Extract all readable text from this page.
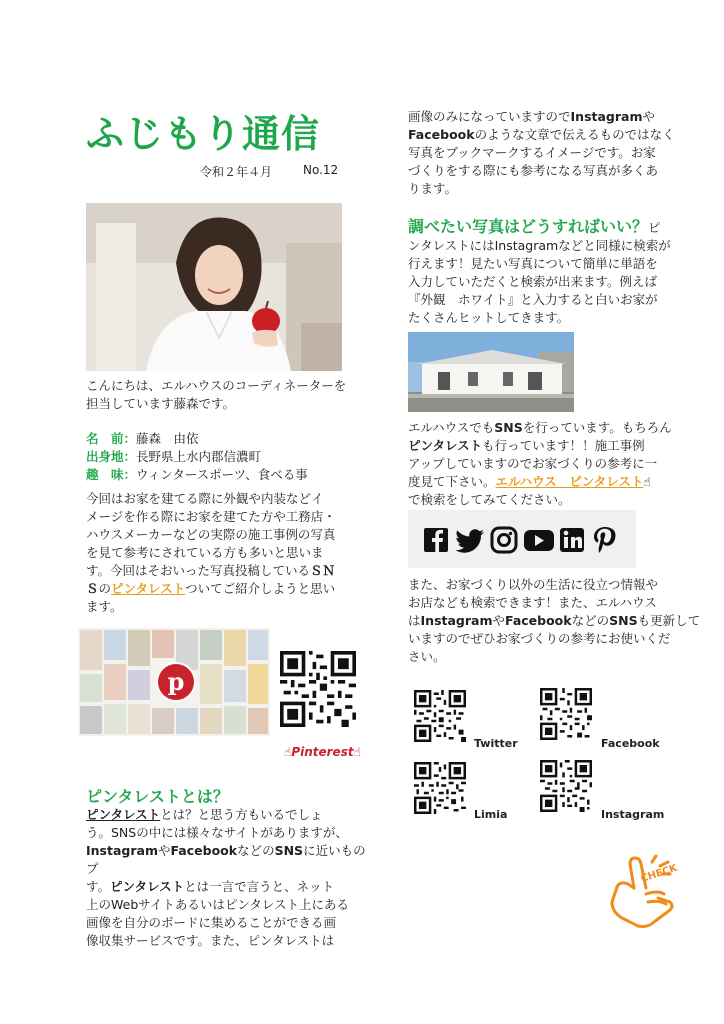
ふじもり通信
令和２年４月	No.12
こんにちは、エルハウスのコーディネーターを
担当しています藤森です。
名　前：藤森　由依
出身地：長野県上水内郡信濃町
趣　味：ウィンタースポーツ、食べる事
今回はお家を建てる際に外観や内装などイ
メージを作る際にお家を建てた方や工務店・
ハウスメーカーなどの実際の施工事例の写真
を見て参考にされている方も多いと思いま
す。今回はそおいった写真投稿しているＳＮ
Ｓのピンタレストついてご紹介しようと思い
ます。
p
☝Pinterest☝
ピンタレストとは？
ピンタレストとは？と思う方もいるでしょ
う。SNSの中には様々なサイトがありますが、
InstagramやFacebookなどのSNSに近いものプ
す。ピンタレストとは一言で言うと、ネット
上のWebサイトあるいはピンタレスト上にある
画像を自分のボードに集めることができる画
像収集サービスです。また、ピンタレストは
画像のみになっていますのでInstagramや
Facebookのような文章で伝えるものではなく
写真をブックマークするイメージです。お家
づくりをする際にも参考になる写真が多くあ
ります。
調べたい写真はどうすればいい？ピ
ンタレストにはInstagramなどと同様に検索が
行えます！見たい写真について簡単に単語を
入力していただくと検索が出来ます。例えば
『外観　ホワイト』と入力すると白いお家が
たくさんヒットしてきます。
エルハウスでもSNSを行っています。もちろん
ピンタレストも行っています！！施工事例
アップしていますのでお家づくりの参考に一
度見て下さい。エルハウス　ピンタレスト☝
で検索をしてみてください。
また、お家づくり以外の生活に役立つ情報や
お店なども検索できます！また、エルハウス
はInstagramやFacebookなどのSNSも更新して
いますのでぜひお家づくりの参考にお使いくだ
さい。
Twitter	Facebook
Limia	Instagram
CHECK
